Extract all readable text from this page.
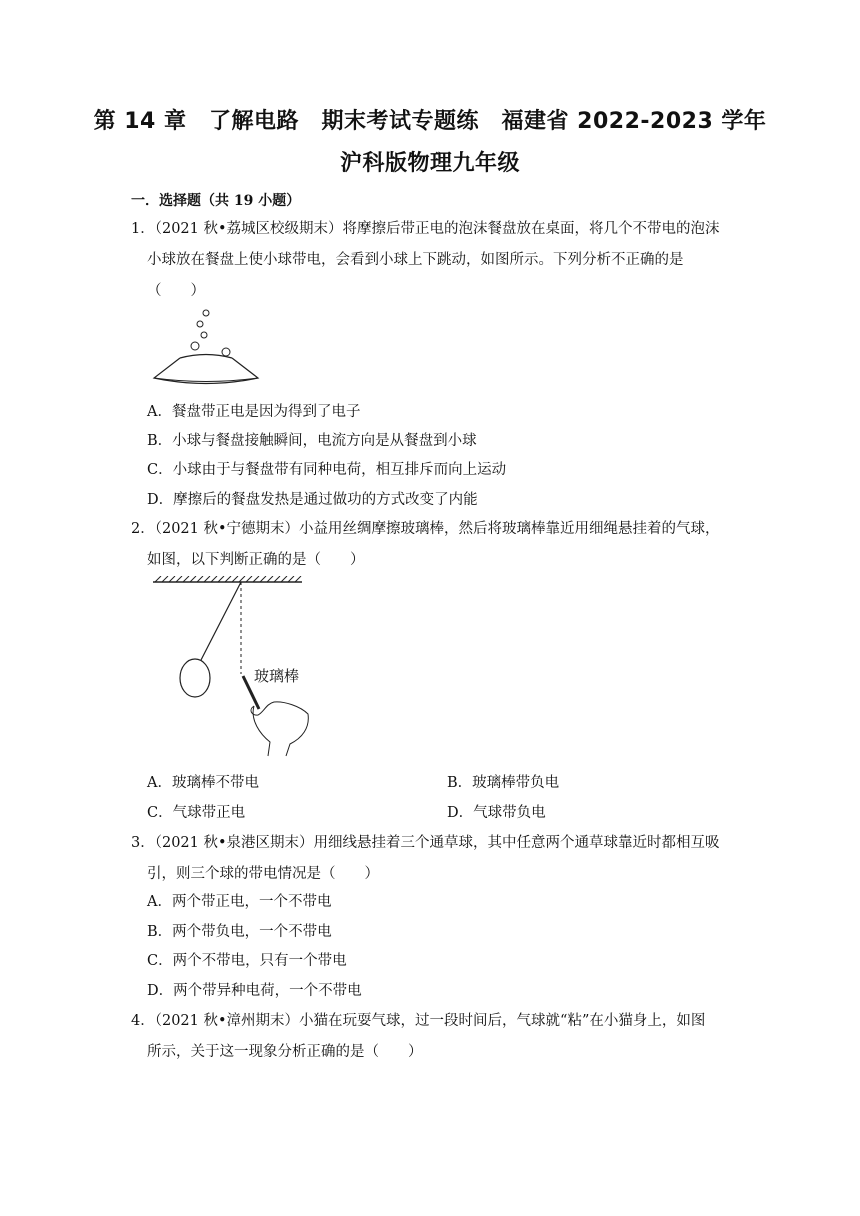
第 14 章　了解电路　期末考试专题练　福建省 2022-2023 学年
沪科版物理九年级
一．选择题（共 19 小题）
1．（2021 秋•荔城区校级期末）将摩擦后带正电的泡沫餐盘放在桌面，将几个不带电的泡沫
小球放在餐盘上使小球带电，会看到小球上下跳动，如图所示。下列分析不正确的是
（　　）
A．餐盘带正电是因为得到了电子
B．小球与餐盘接触瞬间，电流方向是从餐盘到小球
C．小球由于与餐盘带有同种电荷，相互排斥而向上运动
D．摩擦后的餐盘发热是通过做功的方式改变了内能
2．（2021 秋•宁德期末）小益用丝绸摩擦玻璃棒，然后将玻璃棒靠近用细绳悬挂着的气球，
如图，以下判断正确的是（　　）
玻璃棒
A．玻璃棒不带电	B．玻璃棒带负电
C．气球带正电	D．气球带负电
3．（2021 秋•泉港区期末）用细线悬挂着三个通草球，其中任意两个通草球靠近时都相互吸
引，则三个球的带电情况是（　　）
A．两个带正电，一个不带电
B．两个带负电，一个不带电
C．两个不带电，只有一个带电
D．两个带异种电荷，一个不带电
4．（2021 秋•漳州期末）小猫在玩耍气球，过一段时间后，气球就“粘”在小猫身上，如图
所示，关于这一现象分析正确的是（　　）
